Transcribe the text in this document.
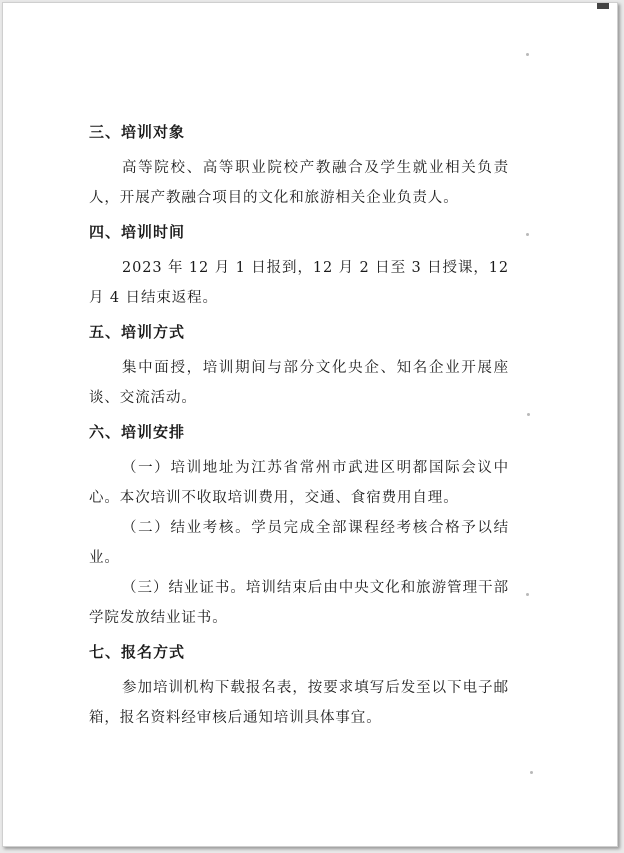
三、培训对象

高等院校、高等职业院校产教融合及学生就业相关负责人，开展产教融合项目的文化和旅游相关企业负责人。

四、培训时间

2023 年 12 月 1 日报到，12 月 2 日至 3 日授课，12 月 4 日结束返程。

五、培训方式

集中面授，培训期间与部分文化央企、知名企业开展座谈、交流活动。

六、培训安排

（一）培训地址为江苏省常州市武进区明都国际会议中心。本次培训不收取培训费用，交通、食宿费用自理。

（二）结业考核。学员完成全部课程经考核合格予以结业。

（三）结业证书。培训结束后由中央文化和旅游管理干部学院发放结业证书。

七、报名方式

参加培训机构下载报名表，按要求填写后发至以下电子邮箱，报名资料经审核后通知培训具体事宜。
